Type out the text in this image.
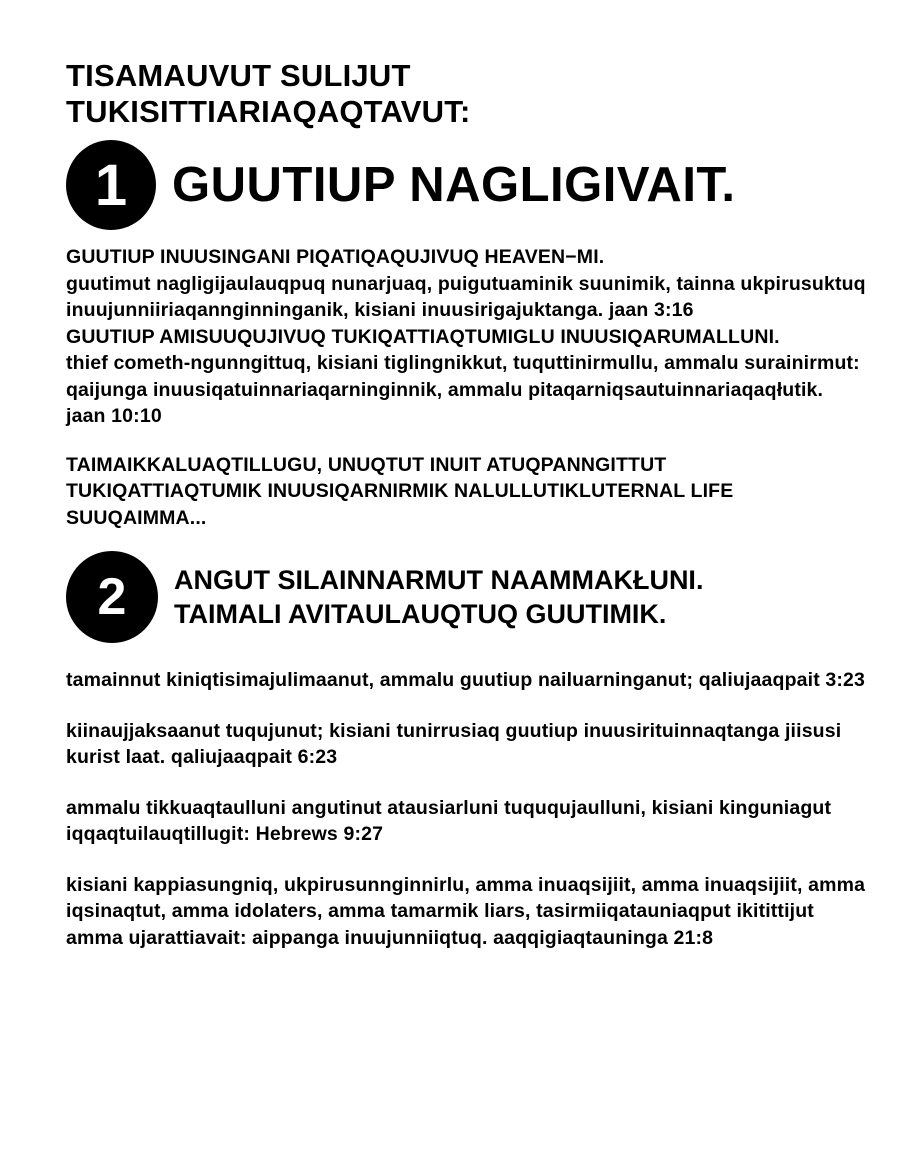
TISAMAUVUT SULIJUT
TUKISITTIARIAQAQTAVUT:
1 GUUTIUP NAGLIGIVAIT.

GUUTIUP INUUSINGANI PIQATIQAQUJIVUQ HEAVEN−MI.

guutimut nagligijaulauqpuq nunarjuaq, puigutuaminik suunimik, tainna ukpirusuktuq inuujunniiriaqannginninganik, kisiani inuusirigajuktanga. jaan 3:16

GUUTIUP AMISUUQUJIVUQ TUKIQATTIAQTUMIGLU INUUSIQARUMALLUNI.

thief cometh-ngunngittuq, kisiani tiglingnikkut, tuquttinirmullu, ammalu surainirmut: qaijunga inuusiqatuinnariaqarninginnik, ammalu pitaqarniqsautuinnariaqaqłutik. jaan 10:10

TAIMAIKKALUAQTILLUGU, UNUQTUT INUIT ATUQPANNGITTUT TUKIQATTIAQTUMIK INUUSIQARNIRMIK NALULLUTIKLUTERNAL LIFE SUUQAIMMA...

2	ANGUT SILAINNARMUT NAAMMAKŁUNI.
TAIMALI AVITAULAUQTUQ GUUTIMIK.

tamainnut kiniqtisimajulimaanut, ammalu guutiup nailuarninganut; qaliujaaqpait 3:23

kiinaujjaksaanut tuqujunut; kisiani tunirrusiaq guutiup inuusirituinnaqtanga jiisusi kurist laat. qaliujaaqpait 6:23

ammalu tikkuaqtaulluni angutinut atausiarluni tuququjaulluni, kisiani kinguniagut iqqaqtuilauqtillugit: Hebrews 9:27

kisiani kappiasungniq, ukpirusunnginnirlu, amma inuaqsijiit, amma inuaqsijiit, amma iqsinaqtut, amma idolaters, amma tamarmik liars, tasirmiiqatauniaqput ikitittijut amma ujarattiavait: aippanga inuujunniiqtuq. aaqqigiaqtauninga 21:8
